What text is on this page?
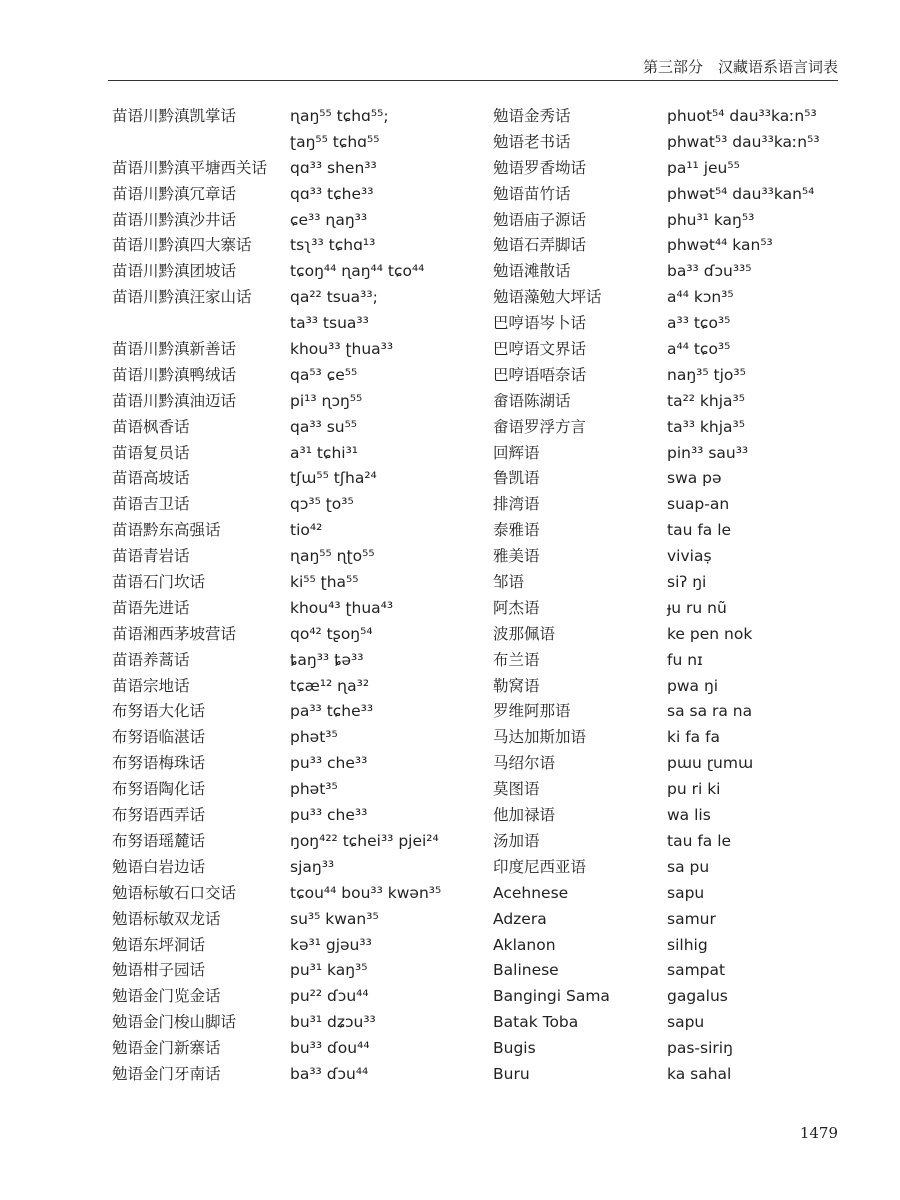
第三部分　汉藏语系语言词表
苗语川黔滇凯掌话
苗语川黔滇平塘西关话
苗语川黔滇冗章话
苗语川黔滇沙井话
苗语川黔滇四大寨话
苗语川黔滇团坡话
苗语川黔滇汪家山话
苗语川黔滇新善话
苗语川黔滇鸭绒话
苗语川黔滇油迈话
苗语枫香话
苗语复员话
苗语高坡话
苗语吉卫话
苗语黔东高强话
苗语青岩话
苗语石门坎话
苗语先进话
苗语湘西茅坡营话
苗语养蒿话
苗语宗地话
布努语大化话
布努语临湛话
布努语梅珠话
布努语陶化话
布努语西弄话
布努语瑶麓话
勉语白岩边话
勉语标敏石口交话
勉语标敏双龙话
勉语东坪洞话
勉语柑子园话
勉语金门览金话
勉语金门梭山脚话
勉语金门新寨话
勉语金门牙南话
ɳaŋ⁵⁵ tɕhɑ⁵⁵;
ʈaŋ⁵⁵ tɕhɑ⁵⁵
qɑ³³ shen³³
qɑ³³ tɕhe³³
ɕe³³ ɳaŋ³³
tsʅ³³ tɕhɑ¹³
tɕoŋ⁴⁴ ɳaŋ⁴⁴ tɕo⁴⁴
qa²² tsua³³;
ta³³ tsua³³
khou³³ ʈhua³³
qa⁵³ ɕe⁵⁵
pi¹³ ɳɔŋ⁵⁵
qa³³ su⁵⁵
a³¹ tɕhi³¹
tʃɯ⁵⁵ tʃha²⁴
qɔ³⁵ ʈo³⁵
tio⁴²
ɳaŋ⁵⁵ ɳʈo⁵⁵
ki⁵⁵ ʈha⁵⁵
khou⁴³ ʈhua⁴³
qo⁴² tʂoŋ⁵⁴
ȶaŋ³³ ȶə³³
tɕæ¹² ɳa³²
pa³³ tɕhe³³
phət³⁵
pu³³ che³³
phət³⁵
pu³³ che³³
ŋoŋ⁴²² tɕhei³³ pjei²⁴
sjaŋ³³
tɕou⁴⁴ bou³³ kwən³⁵
su³⁵ kwan³⁵
kə³¹ gjəu³³
pu³¹ kaŋ³⁵
pu²² ɗɔu⁴⁴
bu³¹ dʑɔu³³
bu³³ ɗou⁴⁴
ba³³ ɗɔu⁴⁴
勉语金秀话
勉语老书话
勉语罗香坳话
勉语苗竹话
勉语庙子源话
勉语石弄脚话
勉语滩散话
勉语藻勉大坪话
巴哼语岑卜话
巴哼语文界话
巴哼语唔奈话
畲语陈湖话
畲语罗浮方言
回辉语
鲁凯语
排湾语
泰雅语
雅美语
邹语
阿杰语
波那佩语
布兰语
勒窝语
罗维阿那语
马达加斯加语
马绍尔语
莫图语
他加禄语
汤加语
印度尼西亚语
Acehnese
Adzera
Aklanon
Balinese
Bangingi Sama
Batak Toba
Bugis
Buru
phuot⁵⁴ dau³³kaːn⁵³
phwat⁵³ dau³³kaːn⁵³
pa¹¹ jeu⁵⁵
phwət⁵⁴ dau³³kan⁵⁴
phu³¹ kaŋ⁵³
phwət⁴⁴ kan⁵³
ba³³ ɗɔu³³⁵
a⁴⁴ kɔn³⁵
a³³ tɕo³⁵
a⁴⁴ tɕo³⁵
naŋ³⁵ tjo³⁵
ta²² khja³⁵
ta³³ khja³⁵
pin³³ sau³³
swa pə
suap-an
tau fa le
viviaṣ
siʔ ŋi
ɟu ru nũ
ke pen nok
fu nɪ
pwa ŋi
sa sa ra na
ki fa fa
pɯu ɽumɯ
pu ri ki
wa lis
tau fa le
sa pu
sapu
samur
silhig
sampat
gagalus
sapu
pas-siriŋ
ka sahal
1479
